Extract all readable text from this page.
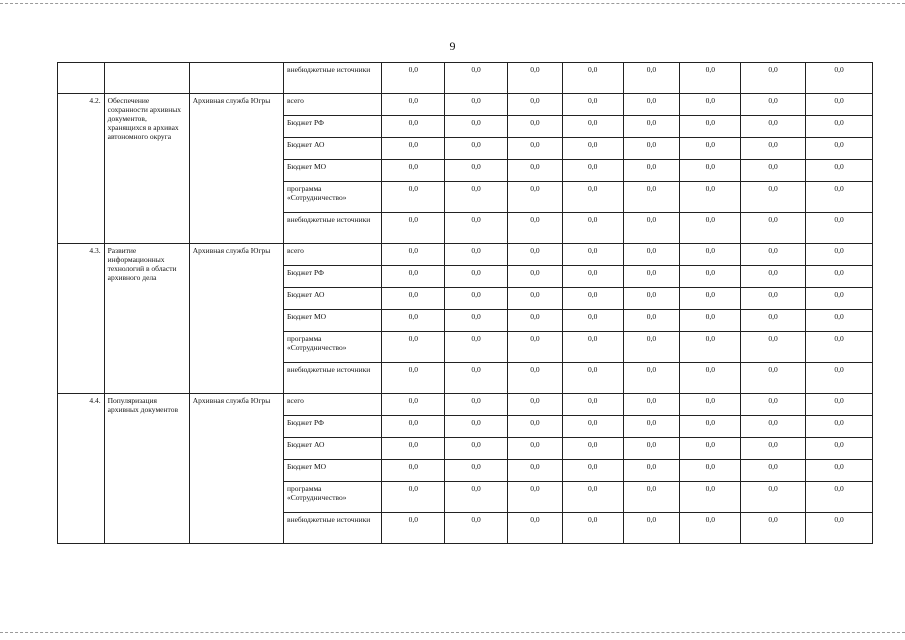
9
			внебюджетные источники	0,0	0,0	0,0	0,0	0,0	0,0	0,0	0,0
4.2.	Обеспечение сохранности архивных документов, хранящихся в архивах автономного округа	Архивная служба Югры	всего	0,0	0,0	0,0	0,0	0,0	0,0	0,0	0,0
			Бюджет РФ	0,0	0,0	0,0	0,0	0,0	0,0	0,0	0,0
			Бюджет АО	0,0	0,0	0,0	0,0	0,0	0,0	0,0	0,0
			Бюджет МО	0,0	0,0	0,0	0,0	0,0	0,0	0,0	0,0
			программа «Сотрудничество»	0,0	0,0	0,0	0,0	0,0	0,0	0,0	0,0
			внебюджетные источники	0,0	0,0	0,0	0,0	0,0	0,0	0,0	0,0
4.3.	Развитие информационных технологий в области архивного дела	Архивная служба Югры	всего	0,0	0,0	0,0	0,0	0,0	0,0	0,0	0,0
			Бюджет РФ	0,0	0,0	0,0	0,0	0,0	0,0	0,0	0,0
			Бюджет АО	0,0	0,0	0,0	0,0	0,0	0,0	0,0	0,0
			Бюджет МО	0,0	0,0	0,0	0,0	0,0	0,0	0,0	0,0
			программа «Сотрудничество»	0,0	0,0	0,0	0,0	0,0	0,0	0,0	0,0
			внебюджетные источники	0,0	0,0	0,0	0,0	0,0	0,0	0,0	0,0
4.4.	Популяризация архивных документов	Архивная служба Югры	всего	0,0	0,0	0,0	0,0	0,0	0,0	0,0	0,0
			Бюджет РФ	0,0	0,0	0,0	0,0	0,0	0,0	0,0	0,0
			Бюджет АО	0,0	0,0	0,0	0,0	0,0	0,0	0,0	0,0
			Бюджет МО	0,0	0,0	0,0	0,0	0,0	0,0	0,0	0,0
			программа «Сотрудничество»	0,0	0,0	0,0	0,0	0,0	0,0	0,0	0,0
			внебюджетные источники	0,0	0,0	0,0	0,0	0,0	0,0	0,0	0,0
